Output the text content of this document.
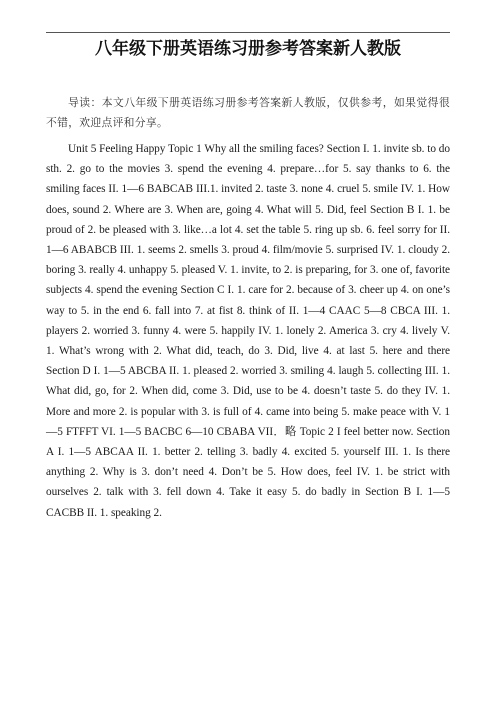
八年级下册英语练习册参考答案新人教版

导读：本文八年级下册英语练习册参考答案新人教版，仅供参考，如果觉得很不错，欢迎点评和分享。

Unit 5 Feeling Happy Topic 1 Why all the smiling faces? Section I. 1. invite sb. to do sth. 2. go to the movies 3. spend the evening 4. prepare…for 5. say thanks to 6. the smiling faces II. 1—6 BABCAB III.1. invited 2. taste 3. none 4. cruel 5. smile IV. 1. How does, sound 2. Where are 3. When are, going 4. What will 5. Did, feel Section B I. 1. be proud of 2. be pleased with 3. like…a lot 4. set the table 5. ring up sb. 6. feel sorry for II. 1—6 ABABCB III. 1. seems 2. smells 3. proud 4. film/movie 5. surprised IV. 1. cloudy 2. boring 3. really 4. unhappy 5. pleased V. 1. invite, to 2. is preparing, for 3. one of, favorite subjects 4. spend the evening Section C I. 1. care for 2. because of 3. cheer up 4. on one’s way to 5. in the end 6. fall into 7. at fist 8. think of II. 1—4 CAAC 5—8 CBCA III. 1. players 2. worried 3. funny 4. were 5. happily IV. 1. lonely 2. America 3. cry 4. lively V. 1. What’s wrong with 2. What did, teach, do 3. Did, live 4. at last 5. here and there Section D I. 1—5 ABCBA II. 1. pleased 2. worried 3. smiling 4. laugh 5. collecting III. 1. What did, go, for 2. When did, come 3. Did, use to be 4. doesn’t taste 5. do they IV. 1. More and more 2. is popular with 3. is full of 4. came into being 5. make peace with V. 1—5 FTFFT VI. 1—5 BACBC 6—10 CBABA VII．略 Topic 2 I feel better now. Section A I. 1—5 ABCAA II. 1. better 2. telling 3. badly 4. excited 5. yourself III. 1. Is there anything 2. Why is 3. don’t need 4. Don’t be 5. How does, feel IV. 1. be strict with ourselves 2. talk with 3. fell down 4. Take it easy 5. do badly in Section B I. 1—5 CACBB II. 1. speaking 2.
